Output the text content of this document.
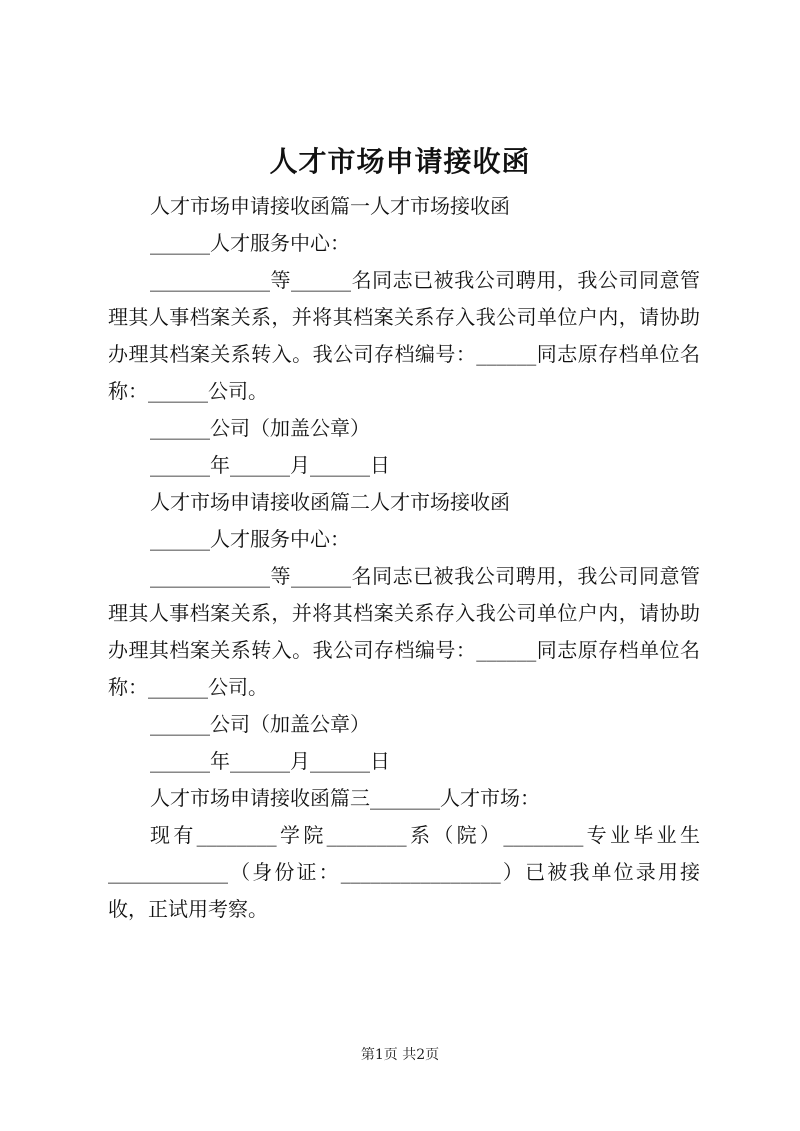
人才市场申请接收函

人才市场申请接收函篇一人才市场接收函

______人才服务中心：

____________等______名同志已被我公司聘用，我公司同意管理其人事档案关系，并将其档案关系存入我公司单位户内，请协助办理其档案关系转入。我公司存档编号：______同志原存档单位名称：______公司。

______公司（加盖公章）

______年______月______日

人才市场申请接收函篇二人才市场接收函

______人才服务中心：

____________等______名同志已被我公司聘用，我公司同意管理其人事档案关系，并将其档案关系存入我公司单位户内，请协助办理其档案关系转入。我公司存档编号：______同志原存档单位名称：______公司。

______公司（加盖公章）

______年______月______日

人才市场申请接收函篇三_______人才市场：

现有________学院________系（院）________专业毕业生____________（身份证：________________）已被我单位录用接收，正试用考察。

第1页 共2页
